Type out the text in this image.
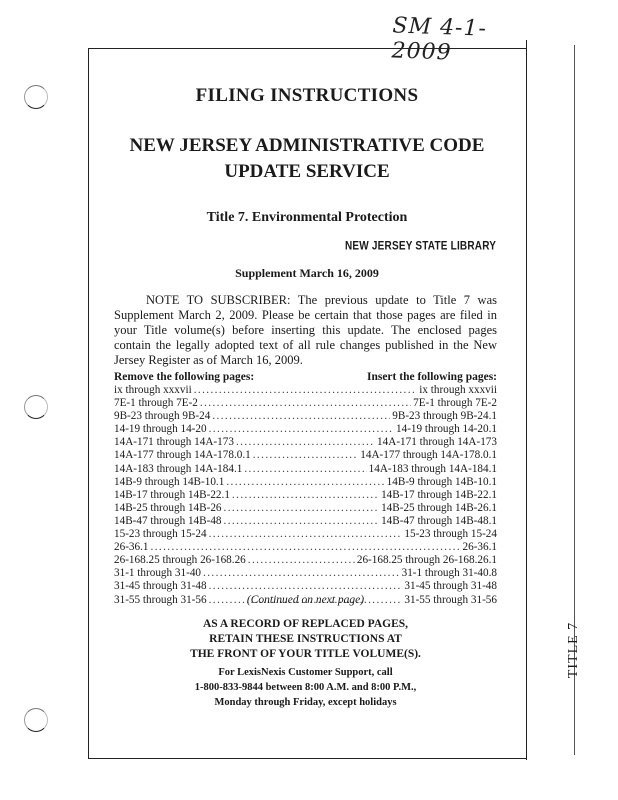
SM 4-1-2009
FILING INSTRUCTIONS
NEW JERSEY ADMINISTRATIVE CODE
UPDATE SERVICE
Title 7. Environmental Protection
NEW JERSEY STATE LIBRARY
Supplement March 16, 2009
NOTE TO SUBSCRIBER: The previous update to Title 7 was Supplement March 2, 2009. Please be certain that those pages are filed in your Title volume(s) before inserting this update. The enclosed pages contain the legally adopted text of all rule changes published in the New Jersey Register as of March 16, 2009.
Remove the following pages:	Insert the following pages:
ix through xxxvii .....	ix through xxxvii
7E-1 through 7E-2 .....	7E-1 through 7E-2
9B-23 through 9B-24 .....	9B-23 through 9B-24.1
14-19 through 14-20 .....	14-19 through 14-20.1
14A-171 through 14A-173 .....	14A-171 through 14A-173
14A-177 through 14A-178.0.1 .....	14A-177 through 14A-178.0.1
14A-183 through 14A-184.1 .....	14A-183 through 14A-184.1
14B-9 through 14B-10.1 .....	14B-9 through 14B-10.1
14B-17 through 14B-22.1 .....	14B-17 through 14B-22.1
14B-25 through 14B-26 .....	14B-25 through 14B-26.1
14B-47 through 14B-48 .....	14B-47 through 14B-48.1
15-23 through 15-24 .....	15-23 through 15-24
26-36.1 .....	26-36.1
26-168.25 through 26-168.26 .....	26-168.25 through 26-168.26.1
31-1 through 31-40 .....	31-1 through 31-40.8
31-45 through 31-48 .....	31-45 through 31-48
31-55 through 31-56 .....	31-55 through 31-56
(Continued on next page)
AS A RECORD OF REPLACED PAGES,
RETAIN THESE INSTRUCTIONS AT
THE FRONT OF YOUR TITLE VOLUME(S).
For LexisNexis Customer Support, call
1-800-833-9844 between 8:00 A.M. and 8:00 P.M.,
Monday through Friday, except holidays
TITLE 7
